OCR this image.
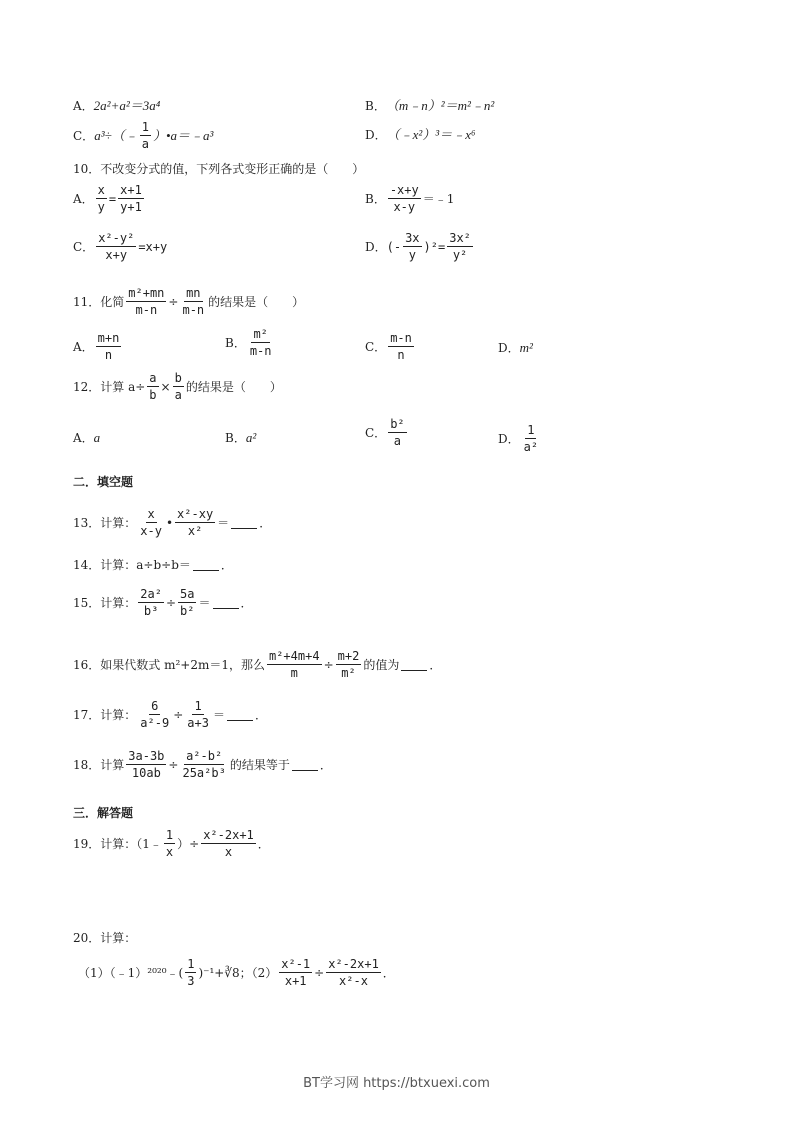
A． 2a²+a²＝3a⁴	B． （m﹣n）²＝m²﹣n²
C． a³÷（﹣ $\frac{1}{a}$ ）•a＝﹣a³	D． （﹣x²）³＝﹣x⁶
10．不改变分式的值，下列各式变形正确的是（　　）
A． $\frac{x}{y} = \frac{x+1}{y+1}$	B． $\frac{-x+y}{x-y}$ ＝﹣1
C． $\frac{\text{x²-y²}}{x+y} =x+y$	D． (- $\frac{3x}{y} )^2= \frac{\text{3x²}}{\text{y²}}$
11．化简 $\frac{\text{m²+mn}}{m-n} \div \frac{mn}{m-n}$ 的结果是（　　）
A． $\frac{m+n}{n}$	B． $\frac{\text{m²}}{m-n}$	C． $\frac{m-n}{n}$	D． m²
12．计算 $a\div \frac{a}{b} \times \frac{b}{a}$ 的结果是（　　）
A． a	B． a²	C． $\frac{\text{b²}}{a}$	D． $\frac{1}{\text{a²}}$
二．填空题
13．计算： $\frac{x}{x-y}$ • $\frac{\text{x²-xy}}{\text{x²}}$ ＝	．
14．计算：a÷b÷b＝	．
15．计算： $\frac{\text{2a²}}{\text{b³}} \div \frac{5a}{\text{b²}}$ ＝	．
16．如果代数式 m²+2m＝1，那么 $\frac{\text{m²+4m+4}}{m} \div \frac{m+2}{\text{m²}}$ 的值为	．
17．计算： $\frac{6}{\text{a²-9}} \div \frac{1}{a+3}$ ＝	．
18．计算 $\frac{3a-3b}{10ab} \div \frac{\text{a²-b²}}{\text{25a²b³}}$ 的结果等于	．
三．解答题
19．计算：（1﹣ $\frac{1}{x}$ ）÷ $\frac{\text{x²-2x+1}}{x}$ ．
20．计算：
（1）（﹣1）²⁰²⁰﹣( $\frac{1}{3}$ )⁻¹+∛8；$(2) \frac{\text{x²-1}}{x+1} \div \frac{\text{x²-2x+1}}{\text{x²-x}}$ ．
BT学习网 https://btxuexi.com
